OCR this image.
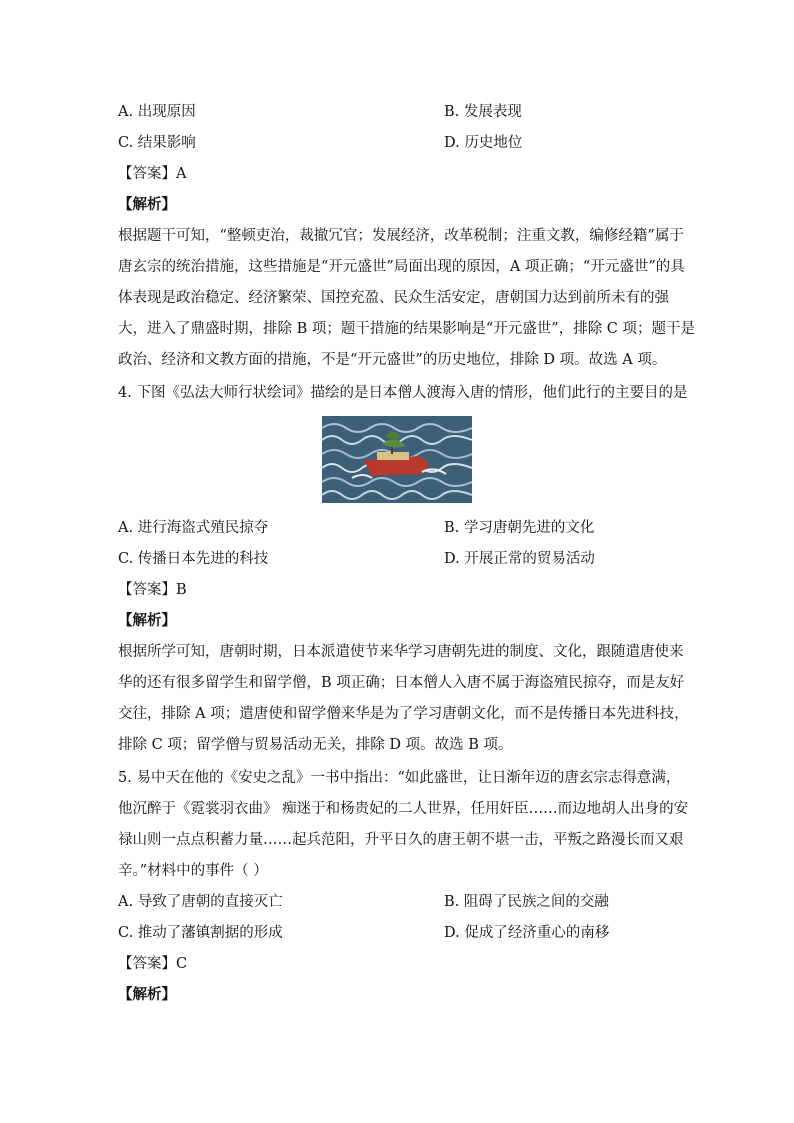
A. 出现原因	B. 发展表现
C. 结果影响	D. 历史地位
【答案】A
【解析】
根据题干可知，“整顿吏治，裁撤冗官；发展经济，改革税制；注重文教，编修经籍”属于
唐玄宗的统治措施，这些措施是“开元盛世”局面出现的原因，A 项正确；“开元盛世”的具
体表现是政治稳定、经济繁荣、国控充盈、民众生活安定，唐朝国力达到前所未有的强
大，进入了鼎盛时期，排除 B 项；题干措施的结果影响是“开元盛世”，排除 C 项；题干是
政治、经济和文教方面的措施，不是“开元盛世”的历史地位，排除 D 项。故选 A 项。
4. 下图《弘法大师行状绘词》描绘的是日本僧人渡海入唐的情形，他们此行的主要目的是
A. 进行海盗式殖民掠夺	B. 学习唐朝先进的文化
C. 传播日本先进的科技	D. 开展正常的贸易活动
【答案】B
【解析】
根据所学可知，唐朝时期，日本派遣使节来华学习唐朝先进的制度、文化，跟随遣唐使来
华的还有很多留学生和留学僧，B 项正确；日本僧人入唐不属于海盗殖民掠夺，而是友好
交往，排除 A 项；遣唐使和留学僧来华是为了学习唐朝文化，而不是传播日本先进科技，
排除 C 项；留学僧与贸易活动无关，排除 D 项。故选 B 项。
5. 易中天在他的《安史之乱》一书中指出：“如此盛世，让日渐年迈的唐玄宗志得意满，
他沉醉于《霓裳羽衣曲》 痴迷于和杨贵妃的二人世界，任用奸臣……而边地胡人出身的安
禄山则一点点积蓄力量……起兵范阳，升平日久的唐王朝不堪一击，平叛之路漫长而又艰
辛。”材料中的事件（ ）
A. 导致了唐朝的直接灭亡	B. 阻碍了民族之间的交融
C. 推动了藩镇割据的形成	D. 促成了经济重心的南移
【答案】C
【解析】
